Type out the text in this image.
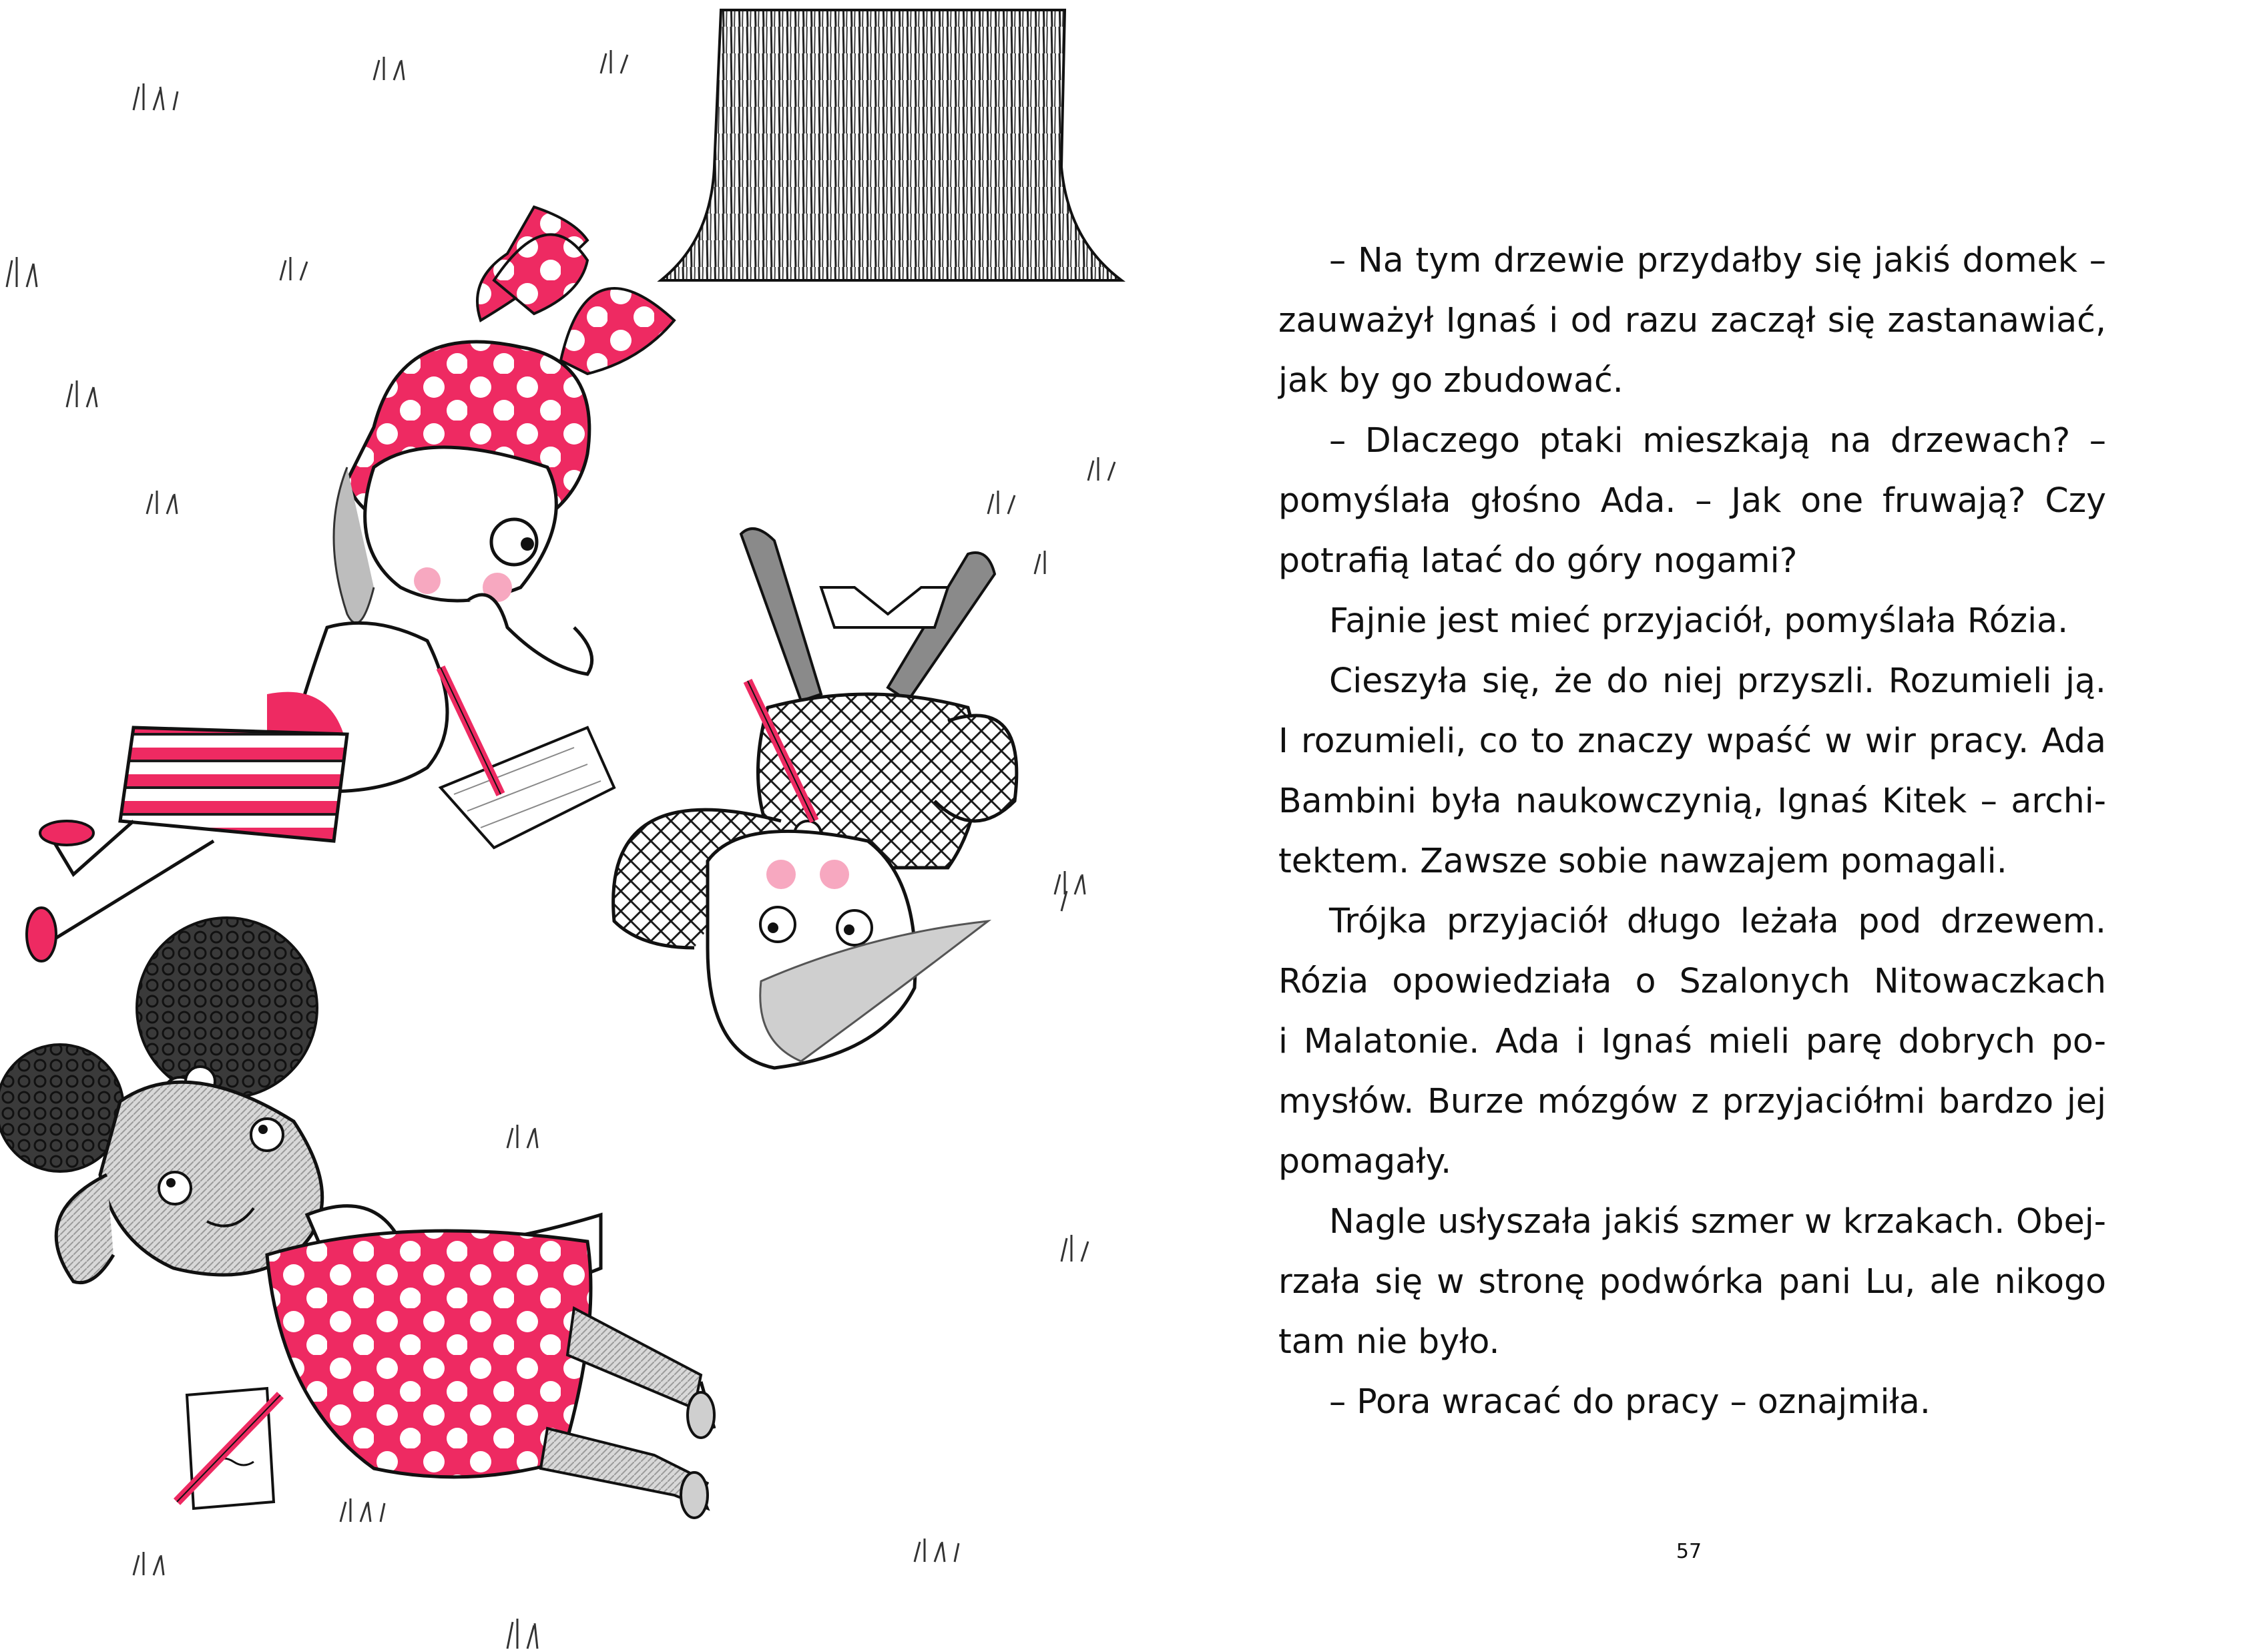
– Na tym drzewie przydałby się jakiś domek –
zauważył Ignaś i od razu zaczął się zastanawiać,
jak by go zbudować.

– Dlaczego ptaki mieszkają na drzewach? –
pomyślała głośno Ada. – Jak one fruwają? Czy
potrafią latać do góry nogami?

Fajnie jest mieć przyjaciół, pomyślała Rózia.

Cieszyła się, że do niej przyszli. Rozumieli ją.
I rozumieli, co to znaczy wpaść w wir pracy. Ada
Bambini była naukowczynią, Ignaś Kitek – archi-
tektem. Zawsze sobie nawzajem pomagali.

Trójka przyjaciół długo leżała pod drzewem.
Rózia opowiedziała o Szalonych Nitowaczkach
i Malatonie. Ada i Ignaś mieli parę dobrych po-
mysłów. Burze mózgów z przyjaciółmi bardzo jej
pomagały.

Nagle usłyszała jakiś szmer w krzakach. Obej-
rzała się w stronę podwórka pani Lu, ale nikogo
tam nie było.

– Pora wracać do pracy – oznajmiła.

57
